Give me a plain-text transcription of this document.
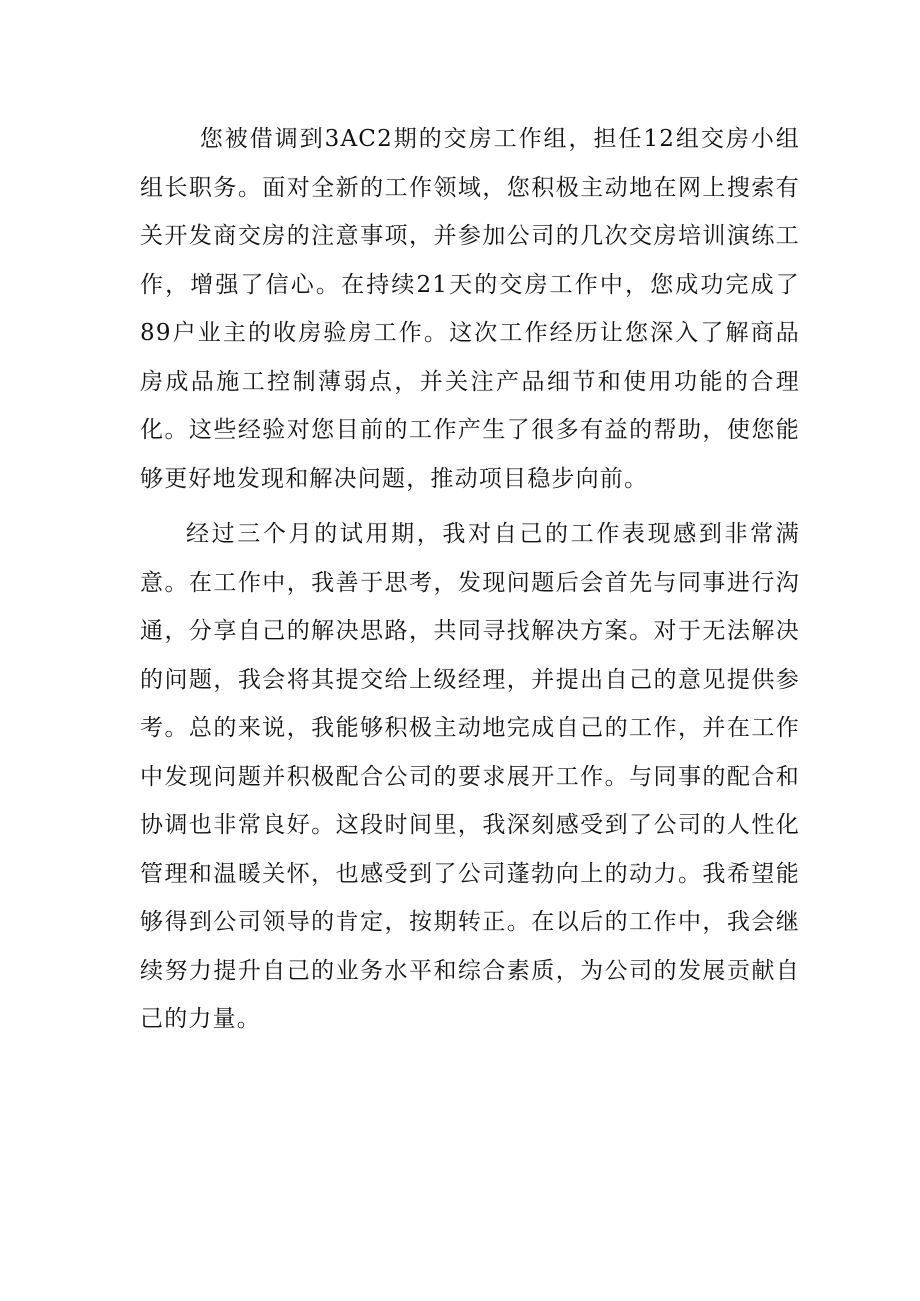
您被借调到3AC2期的交房工作组，担任12组交房小组组长职务。面对全新的工作领域，您积极主动地在网上搜索有关开发商交房的注意事项，并参加公司的几次交房培训演练工作，增强了信心。在持续21天的交房工作中，您成功完成了89户业主的收房验房工作。这次工作经历让您深入了解商品房成品施工控制薄弱点，并关注产品细节和使用功能的合理化。这些经验对您目前的工作产生了很多有益的帮助，使您能够更好地发现和解决问题，推动项目稳步向前。

经过三个月的试用期，我对自己的工作表现感到非常满意。在工作中，我善于思考，发现问题后会首先与同事进行沟通，分享自己的解决思路，共同寻找解决方案。对于无法解决的问题，我会将其提交给上级经理，并提出自己的意见提供参考。总的来说，我能够积极主动地完成自己的工作，并在工作中发现问题并积极配合公司的要求展开工作。与同事的配合和协调也非常良好。这段时间里，我深刻感受到了公司的人性化管理和温暖关怀，也感受到了公司蓬勃向上的动力。我希望能够得到公司领导的肯定，按期转正。在以后的工作中，我会继续努力提升自己的业务水平和综合素质，为公司的发展贡献自己的力量。
